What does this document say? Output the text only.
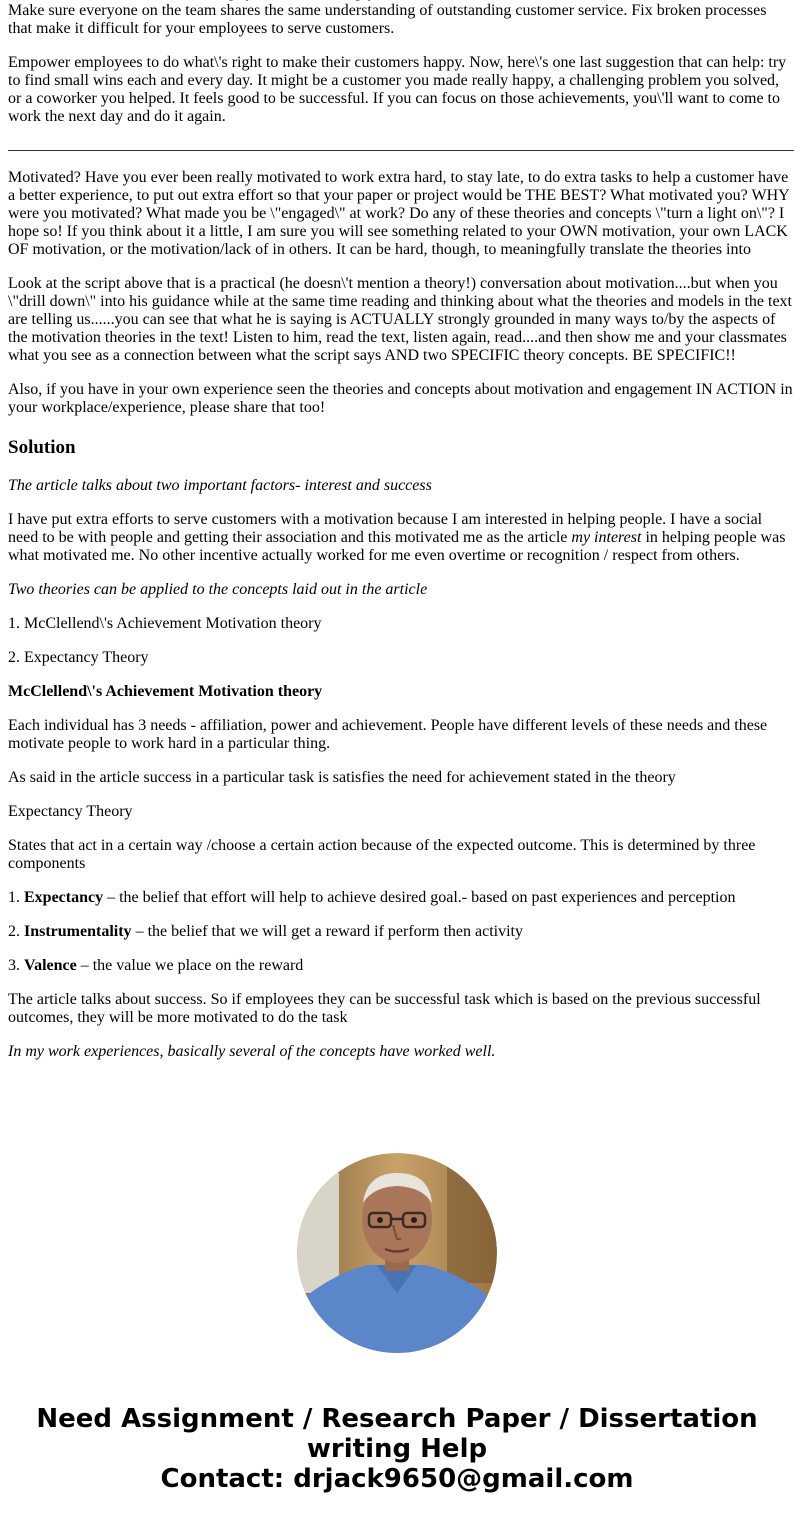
Make sure everyone on the team shares the same understanding of outstanding customer service. Fix broken processes that make it difficult for your employees to serve customers.

Empower employees to do what\'s right to make their customers happy. Now, here\'s one last suggestion that can help: try to find small wins each and every day. It might be a customer you made really happy, a challenging problem you solved, or a coworker you helped. It feels good to be successful. If you can focus on those achievements, you\'ll want to come to work the next day and do it again.

Motivated? Have you ever been really motivated to work extra hard, to stay late, to do extra tasks to help a customer have a better experience, to put out extra effort so that your paper or project would be THE BEST? What motivated you? WHY were you motivated? What made you be \"engaged\" at work? Do any of these theories and concepts \"turn a light on\"? I hope so! If you think about it a little, I am sure you will see something related to your OWN motivation, your own LACK OF motivation, or the motivation/lack of in others. It can be hard, though, to meaningfully translate the theories into

Look at the script above that is a practical (he doesn\'t mention a theory!) conversation about motivation....but when you \"drill down\" into his guidance while at the same time reading and thinking about what the theories and models in the text are telling us......you can see that what he is saying is ACTUALLY strongly grounded in many ways to/by the aspects of the motivation theories in the text! Listen to him, read the text, listen again, read....and then show me and your classmates what you see as a connection between what the script says AND two SPECIFIC theory concepts. BE SPECIFIC!!

Also, if you have in your own experience seen the theories and concepts about motivation and engagement IN ACTION in your workplace/experience, please share that too!

Solution

The article talks about two important factors- interest and success

I have put extra efforts to serve customers with a motivation because I am interested in helping people. I have a social need to be with people and getting their association and this motivated me as the article my interest in helping people was what motivated me. No other incentive actually worked for me even overtime or recognition / respect from others.

Two theories can be applied to the concepts laid out in the article

1. McClellend\'s Achievement Motivation theory

2. Expectancy Theory

McClellend\'s Achievement Motivation theory

Each individual has 3 needs - affiliation, power and achievement. People have different levels of these needs and these motivate people to work hard in a particular thing.

As said in the article success in a particular task is satisfies the need for achievement stated in the theory

Expectancy Theory

States that act in a certain way /choose a certain action because of the expected outcome. This is determined by three components

1. Expectancy – the belief that effort will help to achieve desired goal.- based on past experiences and perception

2. Instrumentality – the belief that we will get a reward if perform then activity

3. Valence – the value we place on the reward

The article talks about success. So if employees they can be successful task which is based on the previous successful outcomes, they will be more motivated to do the task

In my work experiences, basically several of the concepts have worked well.

Need Assignment / Research Paper / Dissertation writing Help
Contact: drjack9650@gmail.com
